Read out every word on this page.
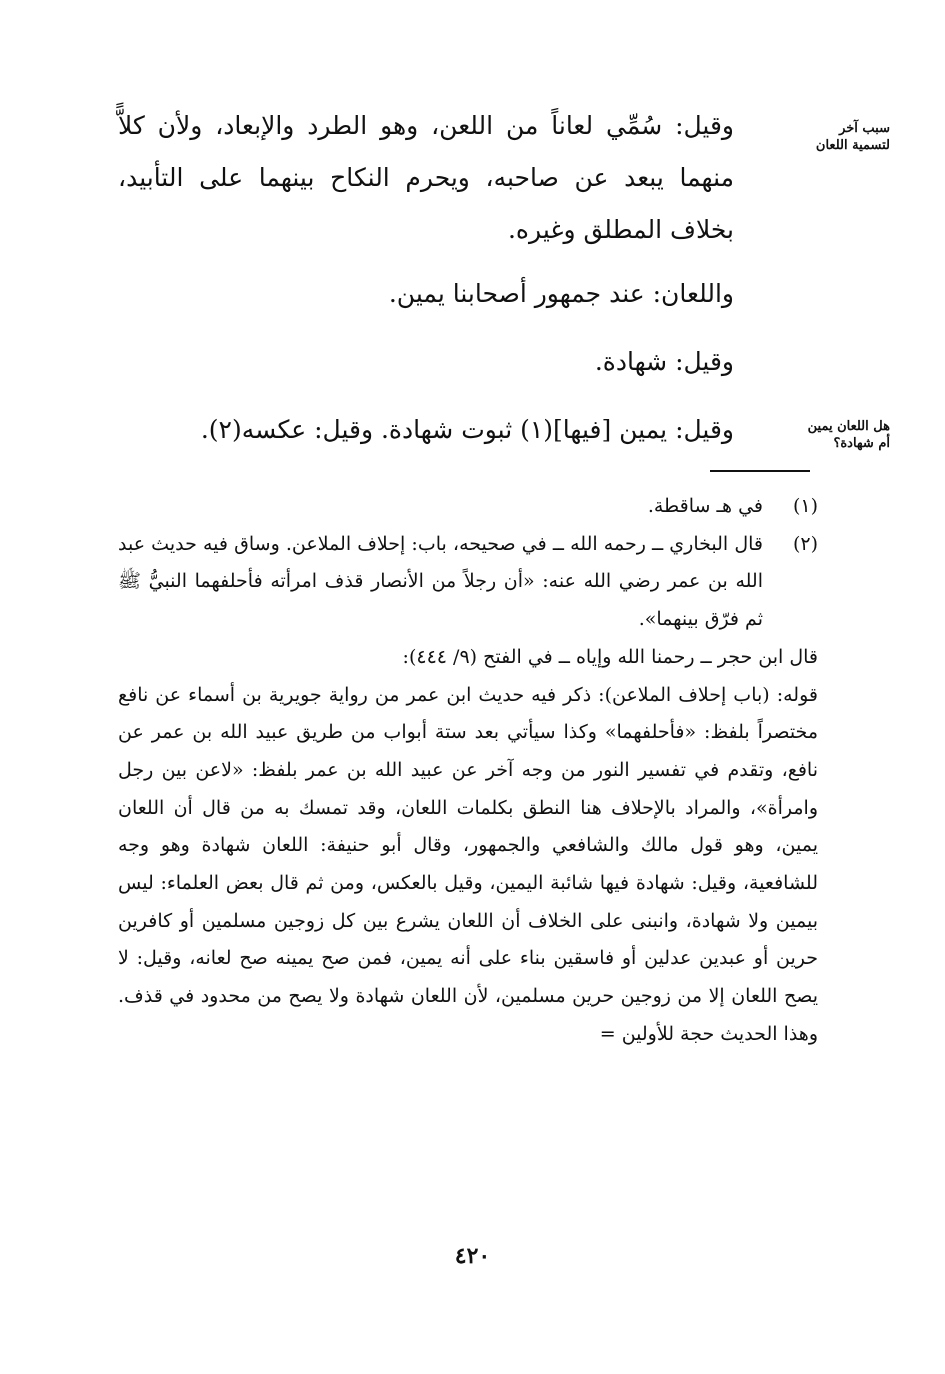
سبب آخر
لتسمية اللعان

وقيل: سُمِّي لعاناً من اللعن، وهو الطرد والإبعاد، ولأن كلاًّ منهما يبعد عن صاحبه، ويحرم النكاح بينهما على التأبيد، بخلاف المطلق وغيره.

واللعان: عند جمهور أصحابنا يمين.

وقيل: شهادة.

هل اللعان يمين
أم شهادة؟

وقيل: يمين [فيها](١) ثبوت شهادة. وقيل: عكسه(٢).

(١)

في هـ ساقطة.

(٢)

قال البخاري ــ رحمه الله ــ في صحيحه، باب: إحلاف الملاعن. وساق فيه حديث عبد الله بن عمر رضي الله عنه: «أن رجلاً من الأنصار قذف امرأته فأحلفهما النبيُّ ﷺ ثم فرّق بينهما».

قال ابن حجر ــ رحمنا الله وإياه ــ في الفتح (٩/ ٤٤٤):

قوله: (باب إحلاف الملاعن): ذكر فيه حديث ابن عمر من رواية جويرية بن أسماء عن نافع مختصراً بلفظ: «فأحلفهما» وكذا سيأتي بعد ستة أبواب من طريق عبيد الله بن عمر عن نافع، وتقدم في تفسير النور من وجه آخر عن عبيد الله بن عمر بلفظ: «لاعن بين رجل وامرأة»، والمراد بالإحلاف هنا النطق بكلمات اللعان، وقد تمسك به من قال أن اللعان يمين، وهو قول مالك والشافعي والجمهور، وقال أبو حنيفة: اللعان شهادة وهو وجه للشافعية، وقيل: شهادة فيها شائبة اليمين، وقيل بالعكس، ومن ثم قال بعض العلماء: ليس بيمين ولا شهادة، وانبنى على الخلاف أن اللعان يشرع بين كل زوجين مسلمين أو كافرين حرين أو عبدين عدلين أو فاسقين بناء على أنه يمين، فمن صح يمينه صح لعانه، وقيل: لا يصح اللعان إلا من زوجين حرين مسلمين، لأن اللعان شهادة ولا يصح من محدود في قذف. وهذا الحديث حجة للأولين =

٤٢٠
